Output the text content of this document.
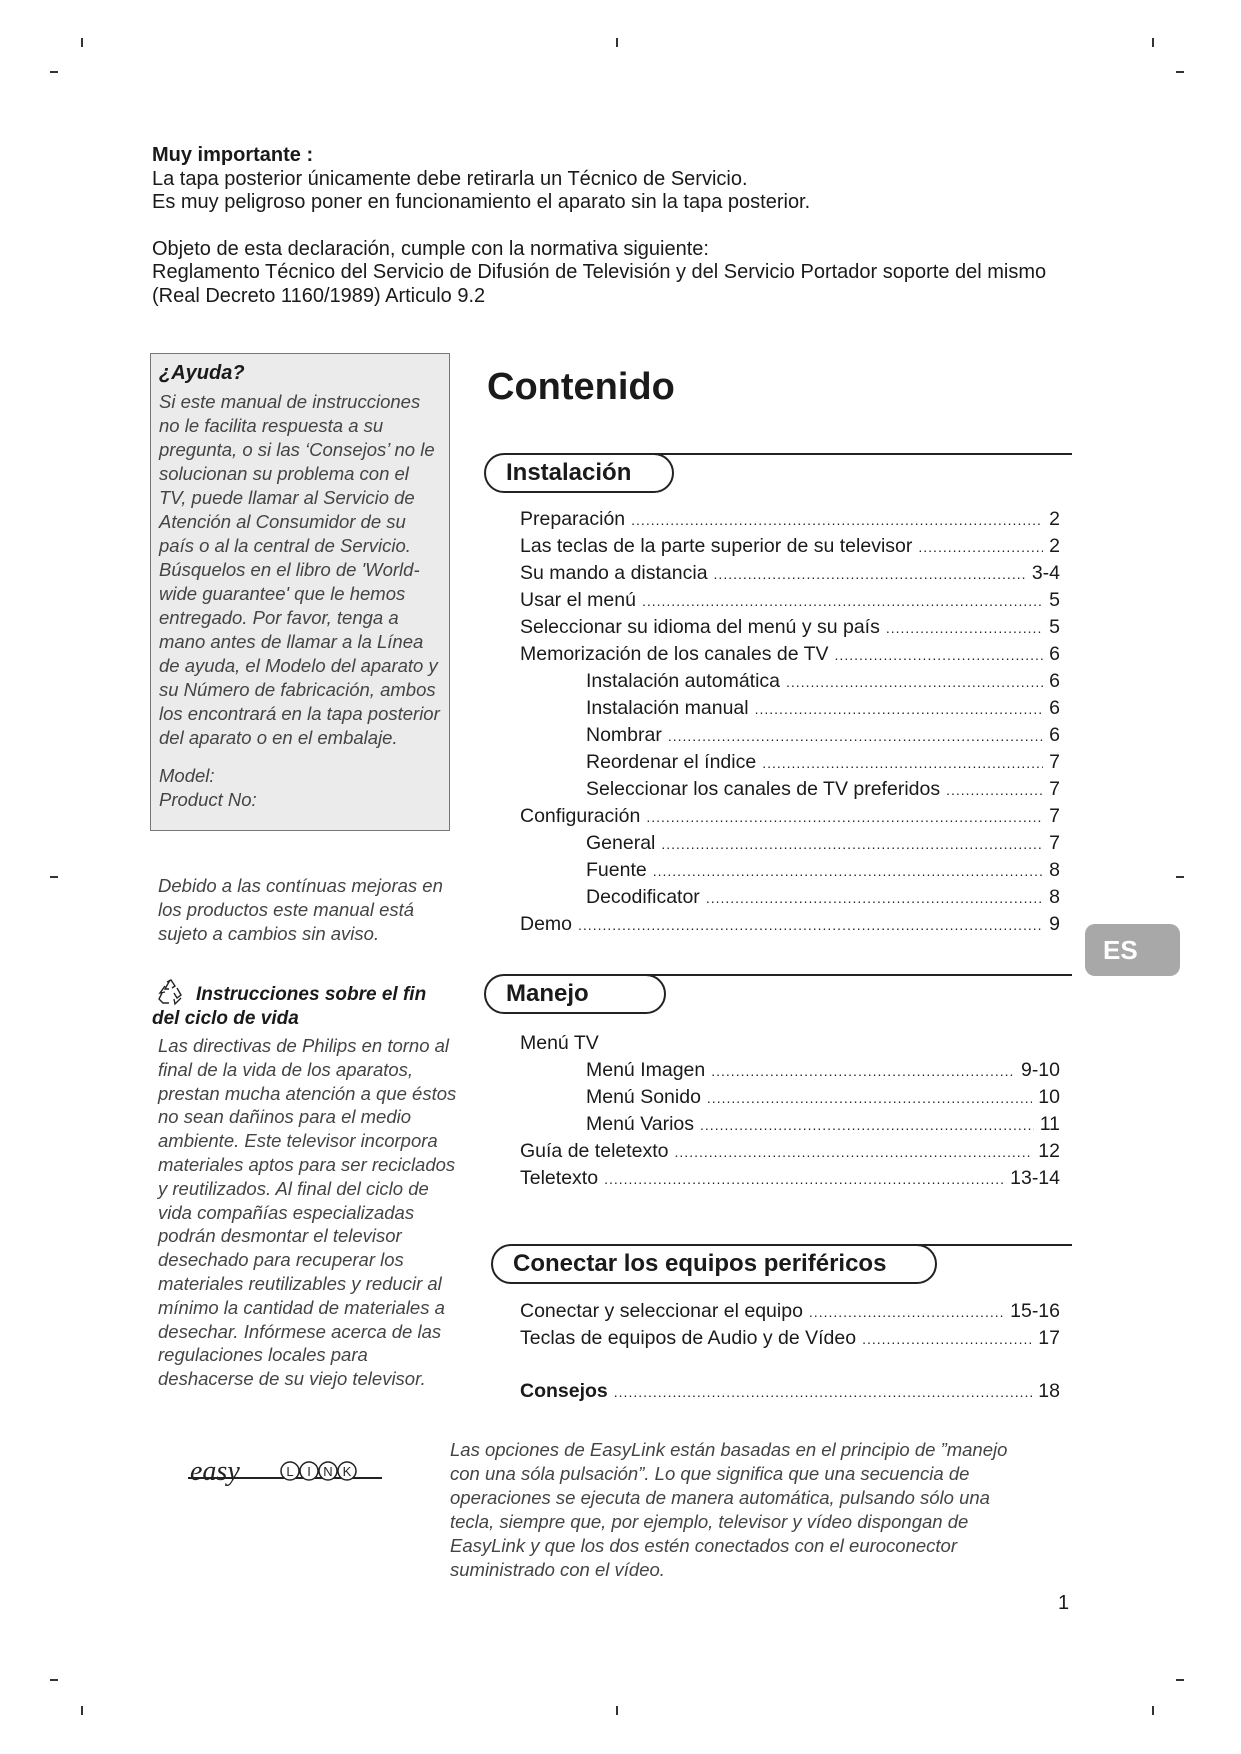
Muy importante :

La tapa posterior únicamente debe retirarla un Técnico de Servicio.

Es muy peligroso poner en funcionamiento el aparato sin la tapa posterior.

Objeto de esta declaración, cumple con la normativa siguiente:

Reglamento Técnico del Servicio de Difusión de Televisión y del Servicio Portador soporte del mismo

(Real Decreto 1160/1989) Articulo 9.2

¿Ayuda?
Si este manual de instrucciones no le facilita respuesta a su pregunta, o si las ‘Consejos’ no le solucionan su problema con el TV, puede llamar al Servicio de Atención al Consumidor de su país o al la central de Servicio. Búsquelos en el libro de 'World-wide guarantee' que le hemos entregado. Por favor, tenga a mano antes de llamar a la Línea de ayuda, el Modelo del aparato y su Número de fabricación, ambos los encontrará en la tapa posterior del aparato o en el embalaje.
Model:
Product No:
Debido a las contínuas mejoras en los productos este manual está sujeto a cambios sin aviso.
Instrucciones sobre el fin del ciclo de vida
Las directivas de Philips en torno al final de la vida de los aparatos, prestan mucha atención a que éstos no sean dañinos para el medio ambiente. Este televisor incorpora materiales aptos para ser reciclados y reutilizados. Al final del ciclo de vida compañías especializadas podrán desmontar el televisor desechado para recuperar los materiales reutilizables y reducir al mínimo la cantidad de materiales a desechar. Infórmese acerca de las regulaciones locales para deshacerse de su viejo televisor.
easy	L I N K
Las opciones de EasyLink están basadas en el principio de ”manejo con una sóla pulsación”. Lo que significa que una secuencia de operaciones se ejecuta de manera automática, pulsando sólo una tecla, siempre que, por ejemplo, televisor y vídeo dispongan de EasyLink y que los dos estén conectados con el euroconector suministrado con el vídeo.
Contenido
Instalación
Preparación .....	2
Las teclas de la parte superior de su televisor .....	2
Su mando a distancia .....	3-4
Usar el menú .....	5
Seleccionar su idioma del menú y su país .....	5
Memorización de los canales de TV .....	6
Instalación automática .....	6
Instalación manual .....	6
Nombrar .....	6
Reordenar el índice .....	7
Seleccionar los canales de TV preferidos .....	7
Configuración .....	7
General .....	7
Fuente .....	8
Decodificator .....	8
Demo .....	9
Manejo
Menú TV
Menú Imagen .....	9-10
Menú Sonido .....	10
Menú Varios .....	11
Guía de teletexto .....	12
Teletexto .....	13-14
Conectar los equipos periféricos
Conectar y seleccionar el equipo .....	15-16
Teclas de equipos de Audio y de Vídeo .....	17
Consejos .....	18
ES
1
